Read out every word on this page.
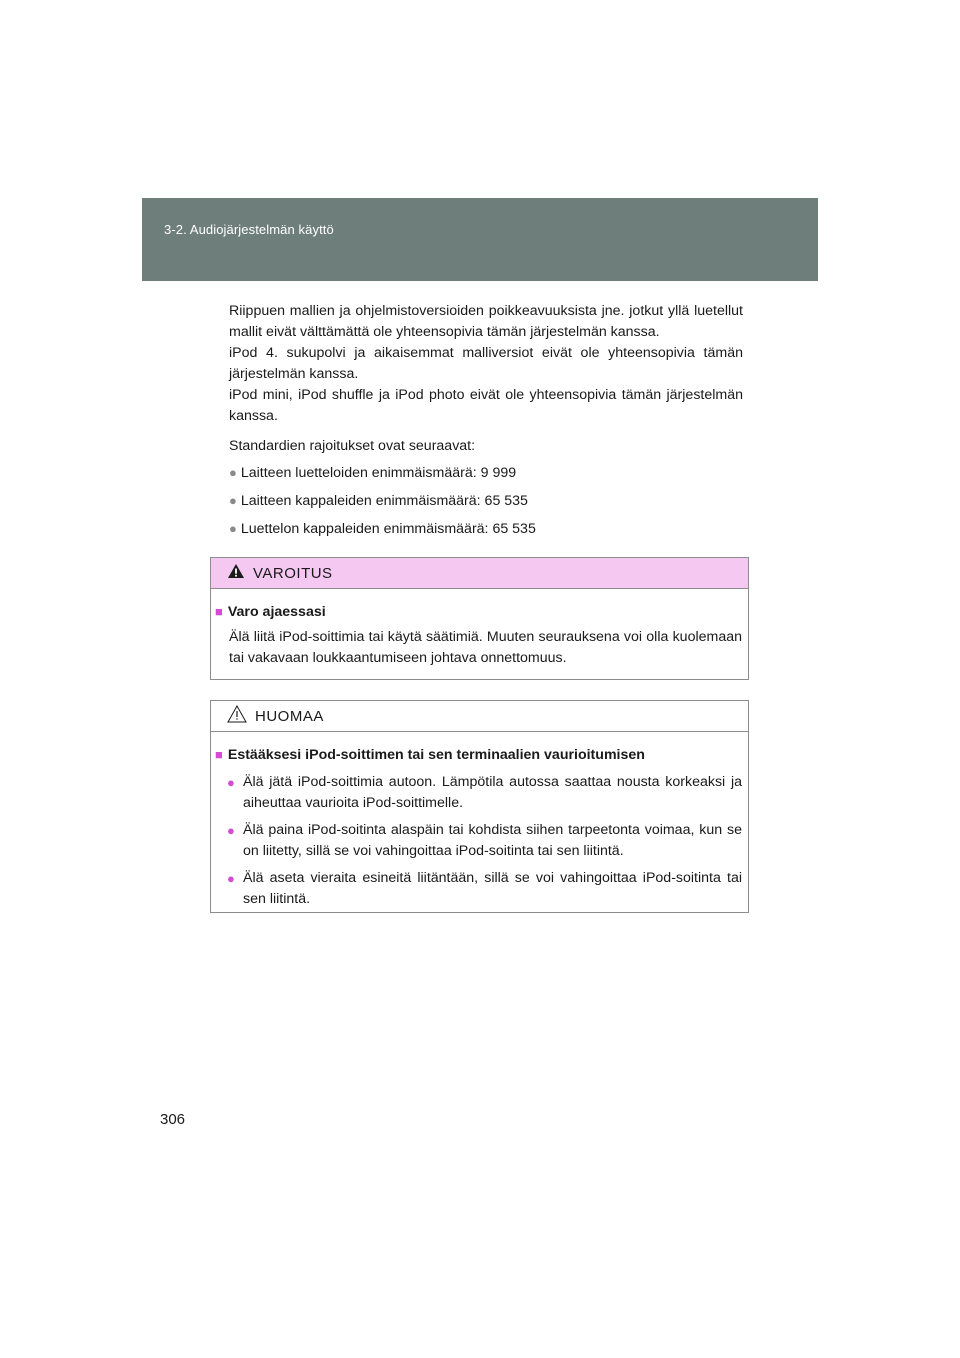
3-2. Audiojärjestelmän käyttö

Riippuen mallien ja ohjelmistoversioiden poikkeavuuksista jne. jotkut yllä luetellut mallit eivät välttämättä ole yhteensopivia tämän järjestelmän kanssa.

iPod 4. sukupolvi ja aikaisemmat malliversiot eivät ole yhteensopivia tämän järjestelmän kanssa.

iPod mini, iPod shuffle ja iPod photo eivät ole yhteensopivia tämän järjestelmän kanssa.

Standardien rajoitukset ovat seuraavat:

● Laitteen luetteloiden enimmäismäärä: 9 999
● Laitteen kappaleiden enimmäismäärä: 65 535
● Luettelon kappaleiden enimmäismäärä: 65 535
VAROITUS
■ Varo ajaessasi
Älä liitä iPod-soittimia tai käytä säätimiä. Muuten seurauksena voi olla kuolemaan tai vakavaan loukkaantumiseen johtava onnettomuus.
HUOMAA
■ Estääksesi iPod-soittimen tai sen terminaalien vaurioitumisen
● Älä jätä iPod-soittimia autoon. Lämpötila autossa saattaa nousta korkeaksi ja aiheuttaa vaurioita iPod-soittimelle.
● Älä paina iPod-soitinta alaspäin tai kohdista siihen tarpeetonta voimaa, kun se on liitetty, sillä se voi vahingoittaa iPod-soitinta tai sen liitintä.
● Älä aseta vieraita esineitä liitäntään, sillä se voi vahingoittaa iPod-soitinta tai sen liitintä.
306
